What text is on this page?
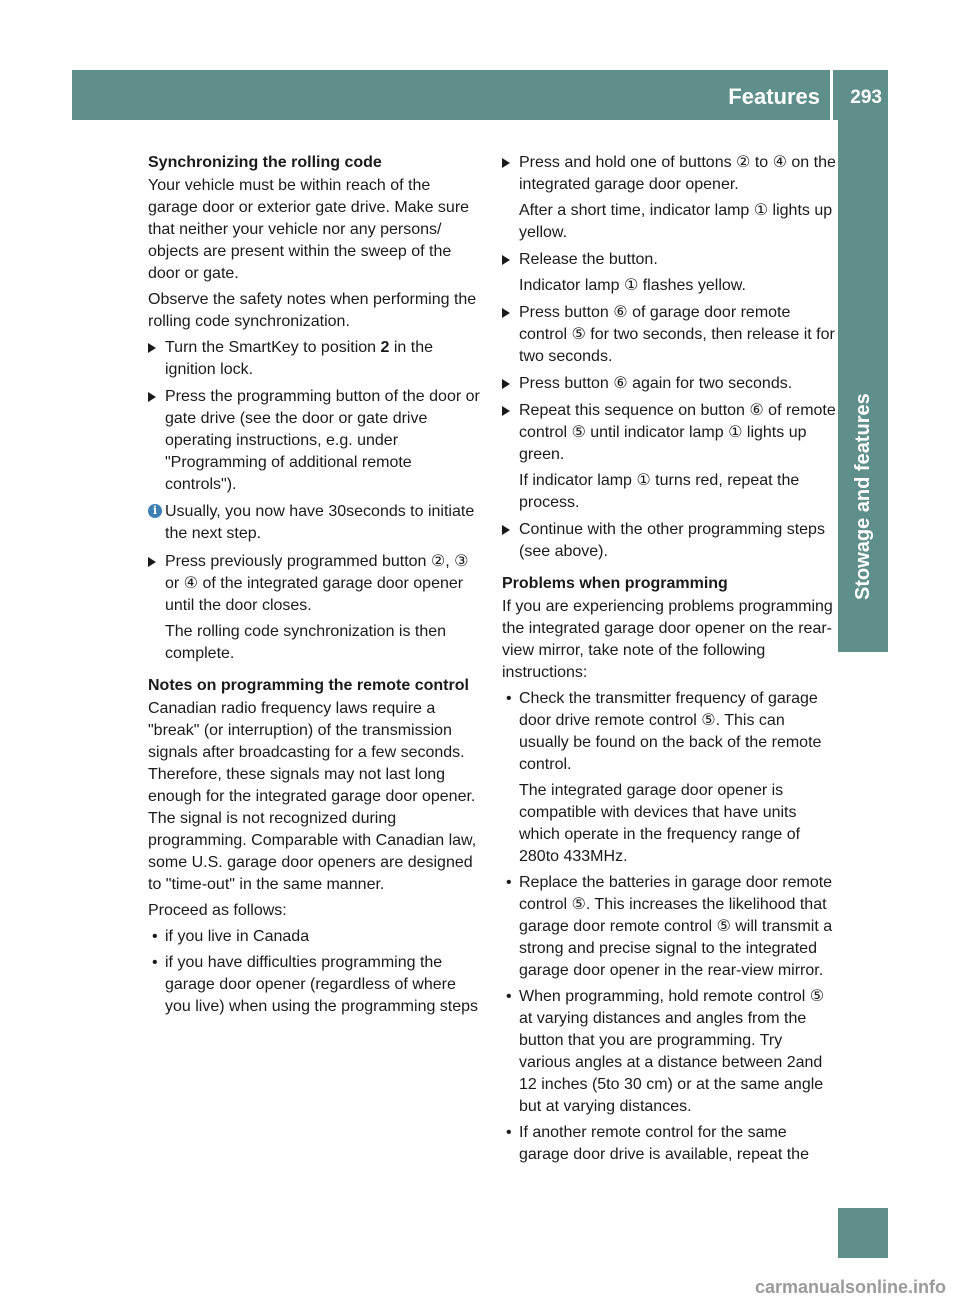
Features 293
Stowage and features

Synchronizing the rolling code

Your vehicle must be within reach of the garage door or exterior gate drive. Make sure that neither your vehicle nor any persons/ objects are present within the sweep of the door or gate.

Observe the safety notes when performing the rolling code synchronization.

Turn the SmartKey to position 2 in the ignition lock.

Press the programming button of the door or gate drive (see the door or gate drive operating instructions, e.g. under "Programming of additional remote controls").

i Usually, you now have 30seconds to initiate the next step.

Press previously programmed button ②, ③ or ④ of the integrated garage door opener until the door closes.

The rolling code synchronization is then complete.

Notes on programming the remote control

Canadian radio frequency laws require a "break" (or interruption) of the transmission signals after broadcasting for a few seconds. Therefore, these signals may not last long enough for the integrated garage door opener. The signal is not recognized during programming. Comparable with Canadian law, some U.S. garage door openers are designed to "time-out" in the same manner.

Proceed as follows:

• if you live in Canada

• if you have difficulties programming the garage door opener (regardless of where you live) when using the programming steps

Press and hold one of buttons ② to ④ on the integrated garage door opener.

After a short time, indicator lamp ① lights up yellow.

Release the button.

Indicator lamp ① flashes yellow.

Press button ⑥ of garage door remote control ⑤ for two seconds, then release it for two seconds.

Press button ⑥ again for two seconds.

Repeat this sequence on button ⑥ of remote control ⑤ until indicator lamp ① lights up green.

If indicator lamp ① turns red, repeat the process.

Continue with the other programming steps (see above).

Problems when programming

If you are experiencing problems programming the integrated garage door opener on the rear-view mirror, take note of the following instructions:

• Check the transmitter frequency of garage door drive remote control ⑤. This can usually be found on the back of the remote control.

The integrated garage door opener is compatible with devices that have units which operate in the frequency range of 280to 433MHz.

• Replace the batteries in garage door remote control ⑤. This increases the likelihood that garage door remote control ⑤ will transmit a strong and precise signal to the integrated garage door opener in the rear-view mirror.

• When programming, hold remote control ⑤ at varying distances and angles from the button that you are programming. Try various angles at a distance between 2and 12 inches (5to 30 cm) or at the same angle but at varying distances.

• If another remote control for the same garage door drive is available, repeat the

carmanualsonline.info
